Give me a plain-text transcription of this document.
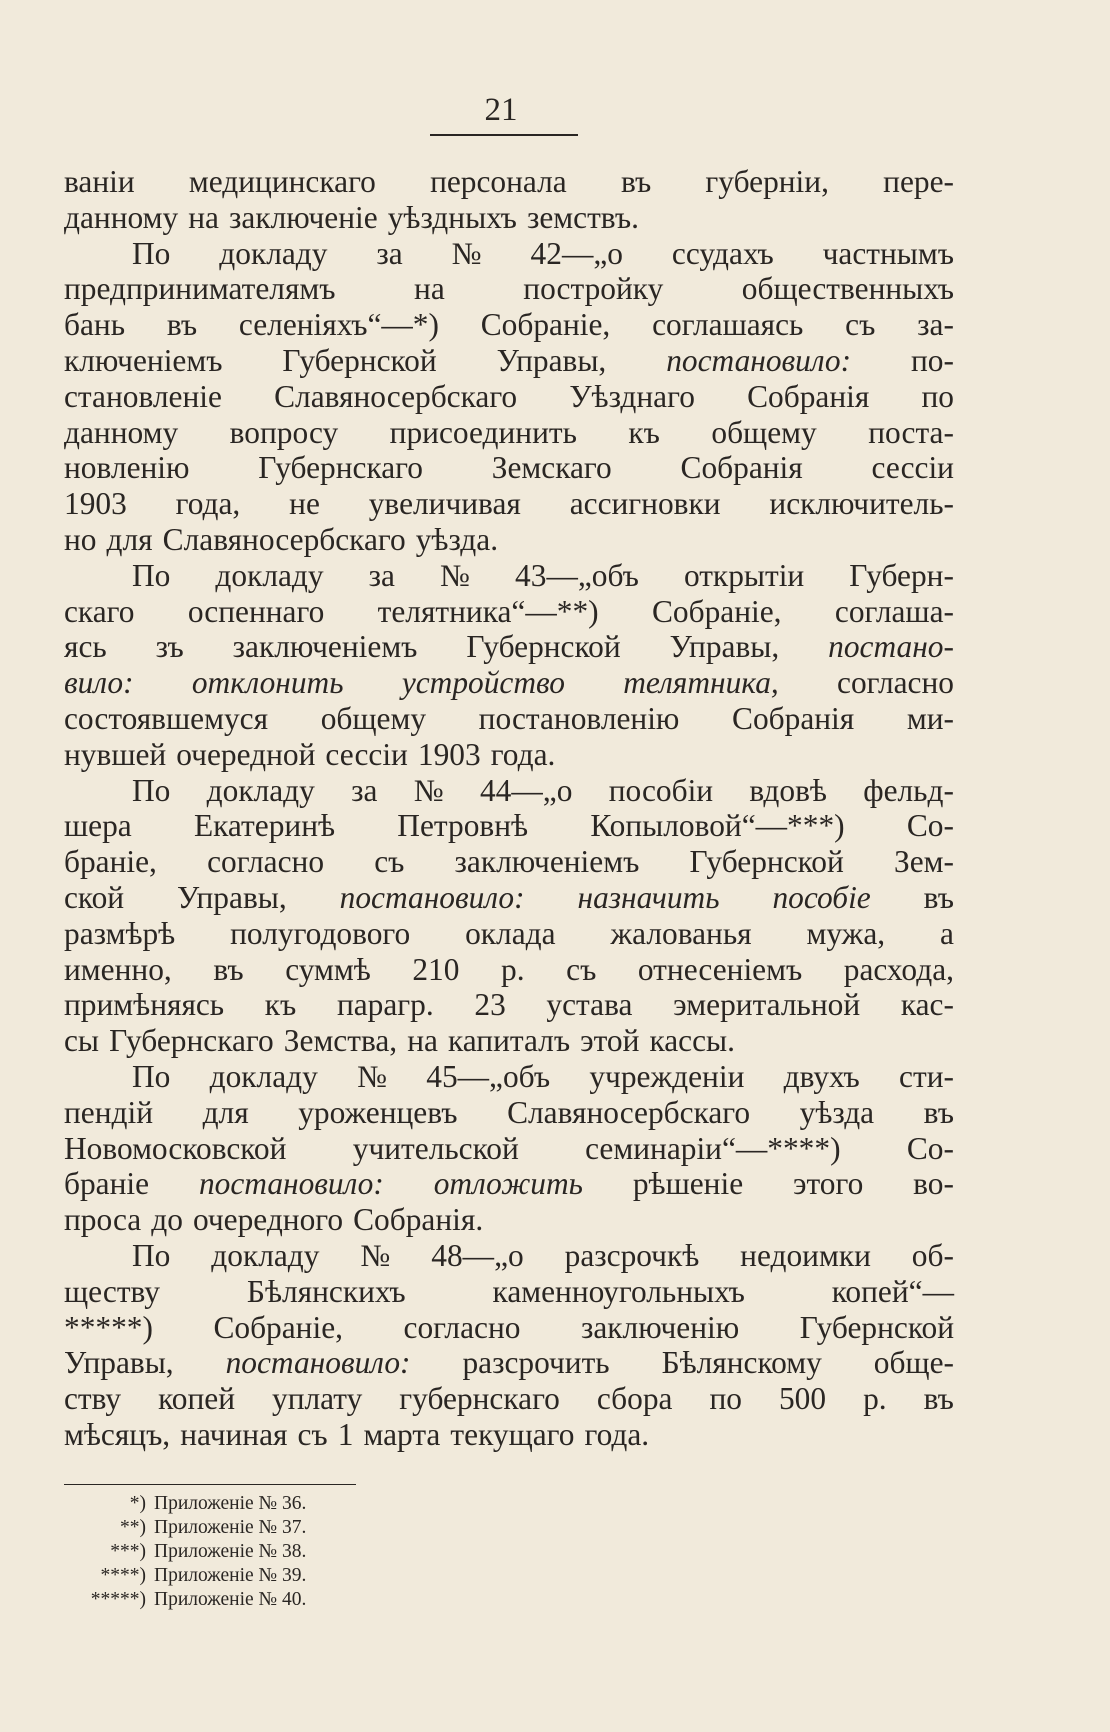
21
ваніи медицинскаго персонала въ губерніи, пере-
данному на заключеніе уѣздныхъ земствъ.
По докладу за № 42—„о ссудахъ частнымъ
предпринимателямъ	на	постройку	общественныхъ
бань въ селеніяхъ“—*) Собраніе, соглашаясь съ за-
ключеніемъ Губернской Управы, постановило: по-
становленіе Славяносербскаго Уѣзднаго Собранія по
данному вопросу присоединить къ общему поста-
новленію Губернскаго Земскаго Собранія сессіи
1903 года, не увеличивая ассигновки исключитель-
но для Славяносербскаго уѣзда.
По докладу за № 43—„объ открытіи Губерн-
скаго оспеннаго телятника“—**) Собраніе, соглаша-
ясь зъ заключеніемъ Губернской Управы, постано-
вило: отклонить устройство телятника, согласно
состоявшемуся общему постановленію Собранія ми-
нувшей очередной сессіи 1903 года.
По докладу за № 44—„о пособіи вдовѣ фельд-
шера Екатеринѣ Петровнѣ Копыловой“—***) Со-
браніе, согласно съ заключеніемъ Губернской Зем-
ской Управы, постановило: назначить пособіе въ
размѣрѣ полугодового оклада жалованья мужа, а
именно, въ суммѣ 210 р. съ отнесеніемъ расхода,
примѣняясь къ парагр. 23 устава эмеритальной кас-
сы Губернскаго Земства, на капиталъ этой кассы.
По докладу № 45—„объ учрежденіи двухъ сти-
пендій для уроженцевъ Славяносербскаго уѣзда въ
Новомосковской учительской семинаріи“—****) Со-
браніе постановило: отложить рѣшеніе этого во-
проса до очередного Собранія.
По докладу № 48—„о разсрочкѣ недоимки об-
ществу	Бѣлянскихъ	каменноугольныхъ	копей“—
*****) Собраніе, согласно заключенію Губернской
Управы, постановило: разсрочить Бѣлянскому обще-
ству копей уплату губернскаго сбора по 500 р. въ
мѣсяцъ, начиная съ 1 марта текущаго года.
*) Приложеніе № 36.
**) Приложеніе № 37.
***) Приложеніе № 38.
****) Приложеніе № 39.
*****) Приложеніе № 40.
